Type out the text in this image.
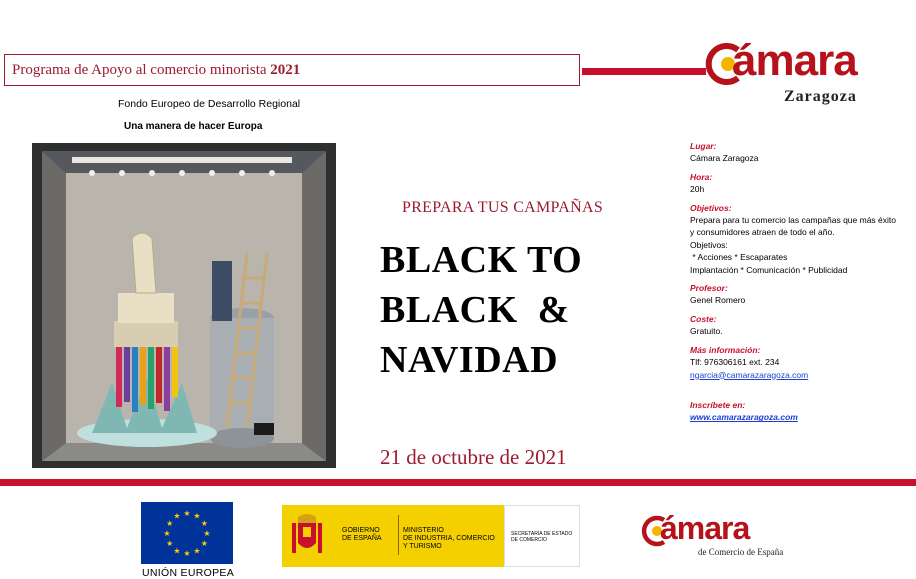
Programa de Apoyo al comercio minorista 2021
Fondo Europeo de Desarrollo Regional
Una manera de hacer Europa
ámara
Zaragoza
PREPARA TUS CAMPAÑAS
BLACK TO
BLACK  &
NAVIDAD
21 de octubre de 2021
Lugar:
Cámara Zaragoza
Hora:
20h
Objetivos:
Prepara para tu comercio las campañas que más éxito
y consumidores atraen de todo el año.
Objetivos:
* Acciones * Escaparates
Implantación * Comunicación * Publicidad
Profesor:
Genel Romero
Coste:
Gratuito.
Más información:
Tlf: 976306161 ext. 234
ngarcia@camarazaragoza.com
Inscríbete en:
www.camarazaragoza.com
★ ★
★
★
★
★
★
★
★
★
★
★
UNIÓN EUROPEA
GOBIERNO
DE ESPAÑA
MINISTERIO
DE INDUSTRIA, COMERCIO
Y TURISMO
SECRETARÍA DE ESTADO
DE COMERCIO	ámara
de Comercio de España
